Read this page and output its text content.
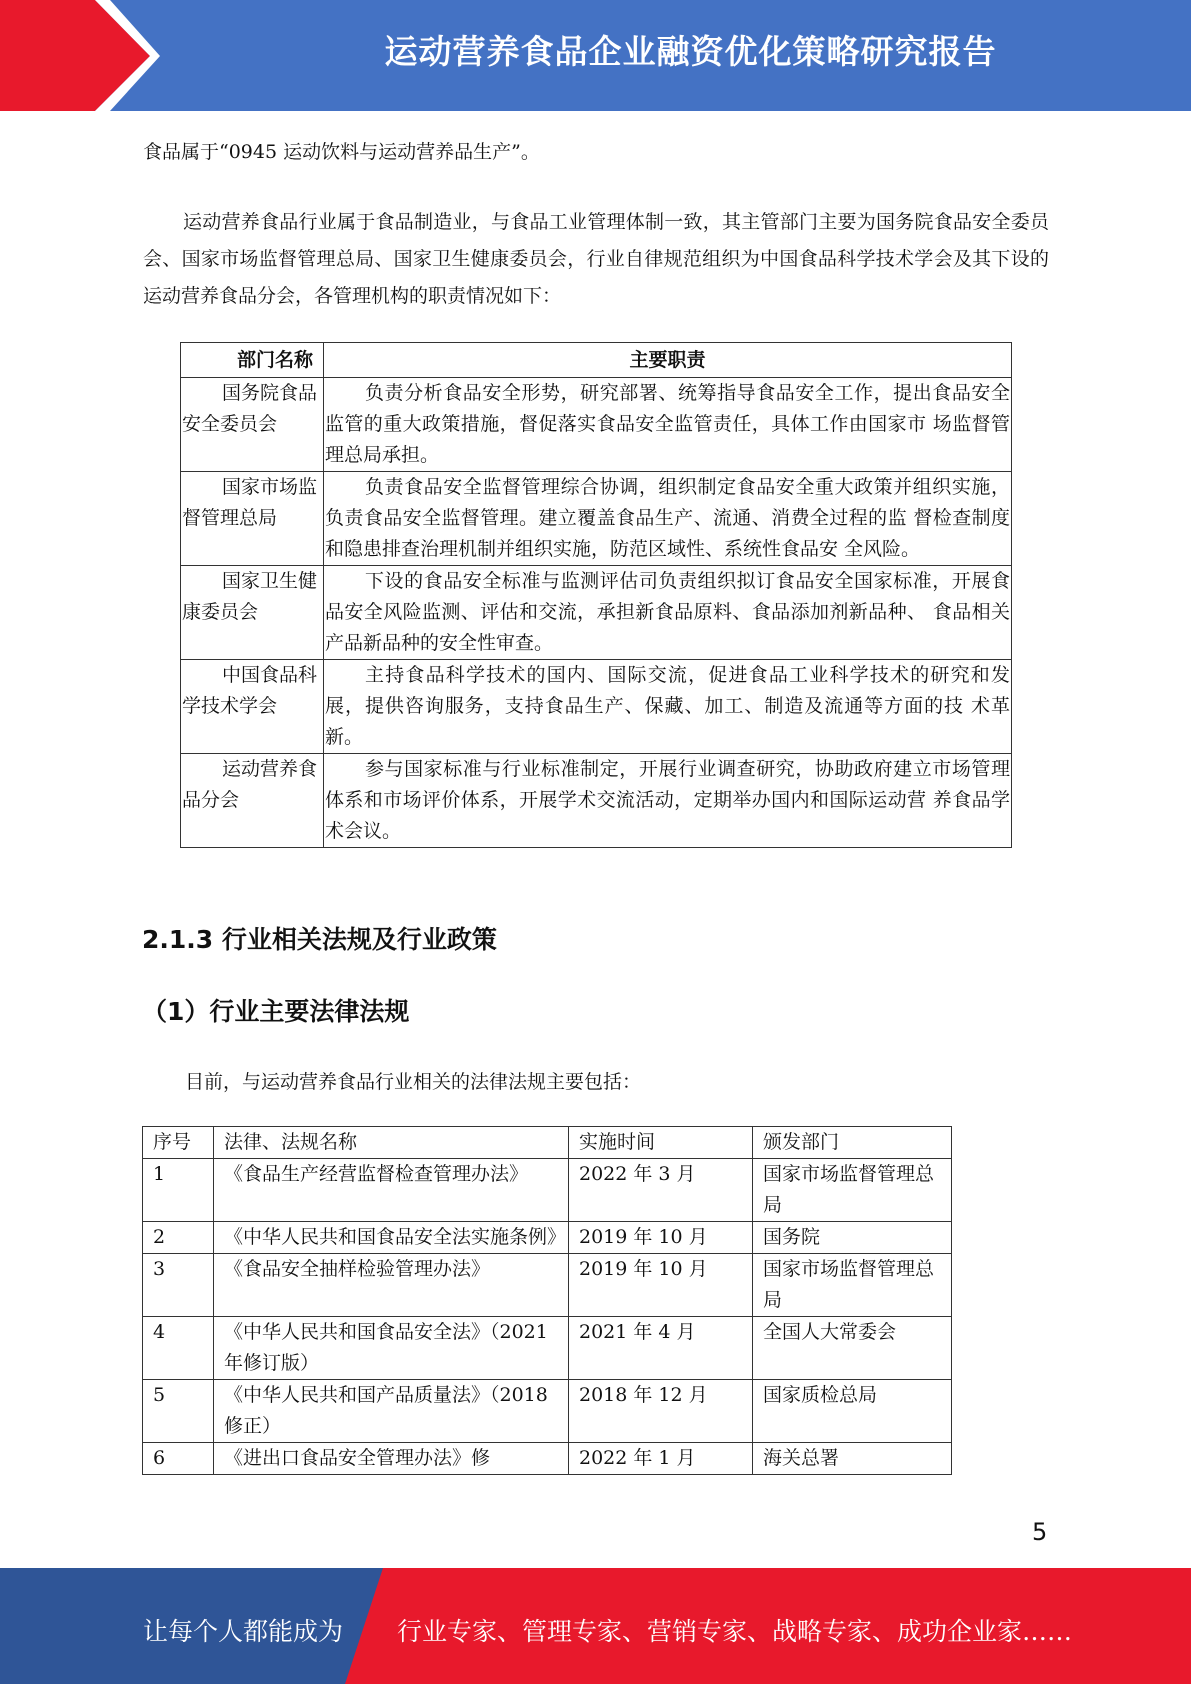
运动营养食品企业融资优化策略研究报告
食品属于“0945 运动饮料与运动营养品生产”。
运动营养食品行业属于食品制造业，与食品工业管理体制一致，其主管部门主要为国务院食品安全委员会、国家市场监督管理总局、国家卫生健康委员会，行业自律规范组织为中国食品科学技术学会及其下设的运动营养食品分会，各管理机构的职责情况如下：
部门名称	主要职责
国务院食品 安全委员会	负责分析食品安全形势，研究部署、统筹指导食品安全工作，提出食品安全监管的重大政策措施，督促落实食品安全监管责任，具体工作由国家市 场监督管理总局承担。
国家市场监 督管理总局	负责食品安全监督管理综合协调，组织制定食品安全重大政策并组织实施，负责食品安全监督管理。建立覆盖食品生产、流通、消费全过程的监 督检查制度和隐患排查治理机制并组织实施，防范区域性、系统性食品安 全风险。
国家卫生健 康委员会	下设的食品安全标准与监测评估司负责组织拟订食品安全国家标准，开展食品安全风险监测、评估和交流，承担新食品原料、食品添加剂新品种、 食品相关产品新品种的安全性审查。
中国食品科 学技术学会	主持食品科学技术的国内、国际交流，促进食品工业科学技术的研究和发展，提供咨询服务，支持食品生产、保藏、加工、制造及流通等方面的技 术革新。
运动营养食 品分会	参与国家标准与行业标准制定，开展行业调查研究，协助政府建立市场管理体系和市场评价体系，开展学术交流活动，定期举办国内和国际运动营 养食品学术会议。
2.1.3 行业相关法规及行业政策
（1）行业主要法律法规
目前，与运动营养食品行业相关的法律法规主要包括：
序号	法律、法规名称	实施时间	颁发部门
1	《食品生产经营监督检查管理办法》	2022 年 3 月	国家市场监督管理总局
2	《中华人民共和国食品安全法实施条例》	2019 年 10 月	国务院
3	《食品安全抽样检验管理办法》	2019 年 10 月	国家市场监督管理总局
4	《中华人民共和国食品安全法》（2021 年修订版）	2021 年 4 月	全国人大常委会
5	《中华人民共和国产品质量法》（2018 修正）	2018 年 12 月	国家质检总局
6	《进出口食品安全管理办法》修	2022 年 1 月	海关总署
5
让每个人都能成为 行业专家、管理专家、营销专家、战略专家、成功企业家……
